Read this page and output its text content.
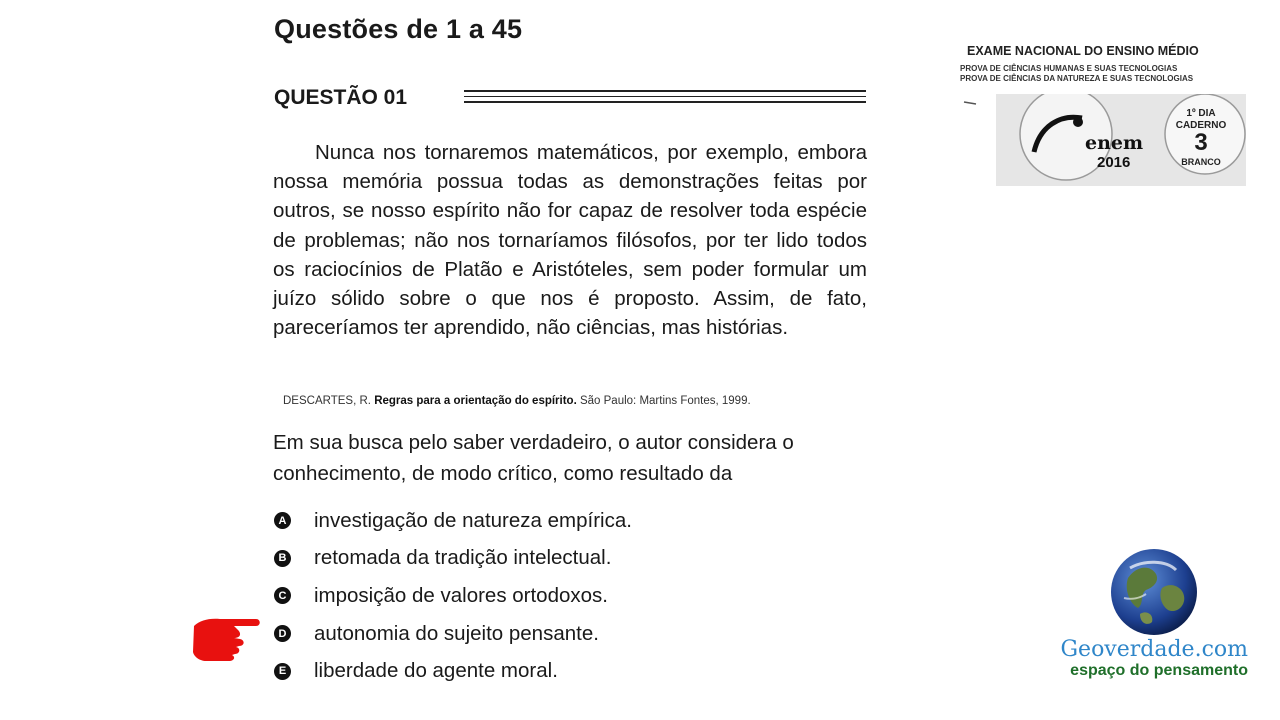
Questões de 1 a 45
QUESTÃO 01

Nunca nos tornaremos matemáticos, por exemplo, embora nossa memória possua todas as demonstrações feitas por outros, se nosso espírito não for capaz de resolver toda espécie de problemas; não nos tornaríamos filósofos, por ter lido todos os raciocínios de Platão e Aristóteles, sem poder formular um juízo sólido sobre o que nos é proposto. Assim, de fato, pareceríamos ter aprendido, não ciências, mas histórias.

DESCARTES, R. Regras para a orientação do espírito. São Paulo: Martins Fontes, 1999.

Em sua busca pelo saber verdadeiro, o autor considera o conhecimento, de modo crítico, como resultado da

A investigação de natureza empírica.
B retomada da tradição intelectual.
C imposição de valores ortodoxos.
D autonomia do sujeito pensante.
E liberdade do agente moral.
EXAME NACIONAL DO ENSINO MÉDIO
PROVA DE CIÊNCIAS HUMANAS E SUAS TECNOLOGIAS
PROVA DE CIÊNCIAS DA NATUREZA E SUAS TECNOLOGIAS
enem
2016
1º DIA
CADERNO
3
BRANCO
Geoverdade.com
espaço do pensamento
